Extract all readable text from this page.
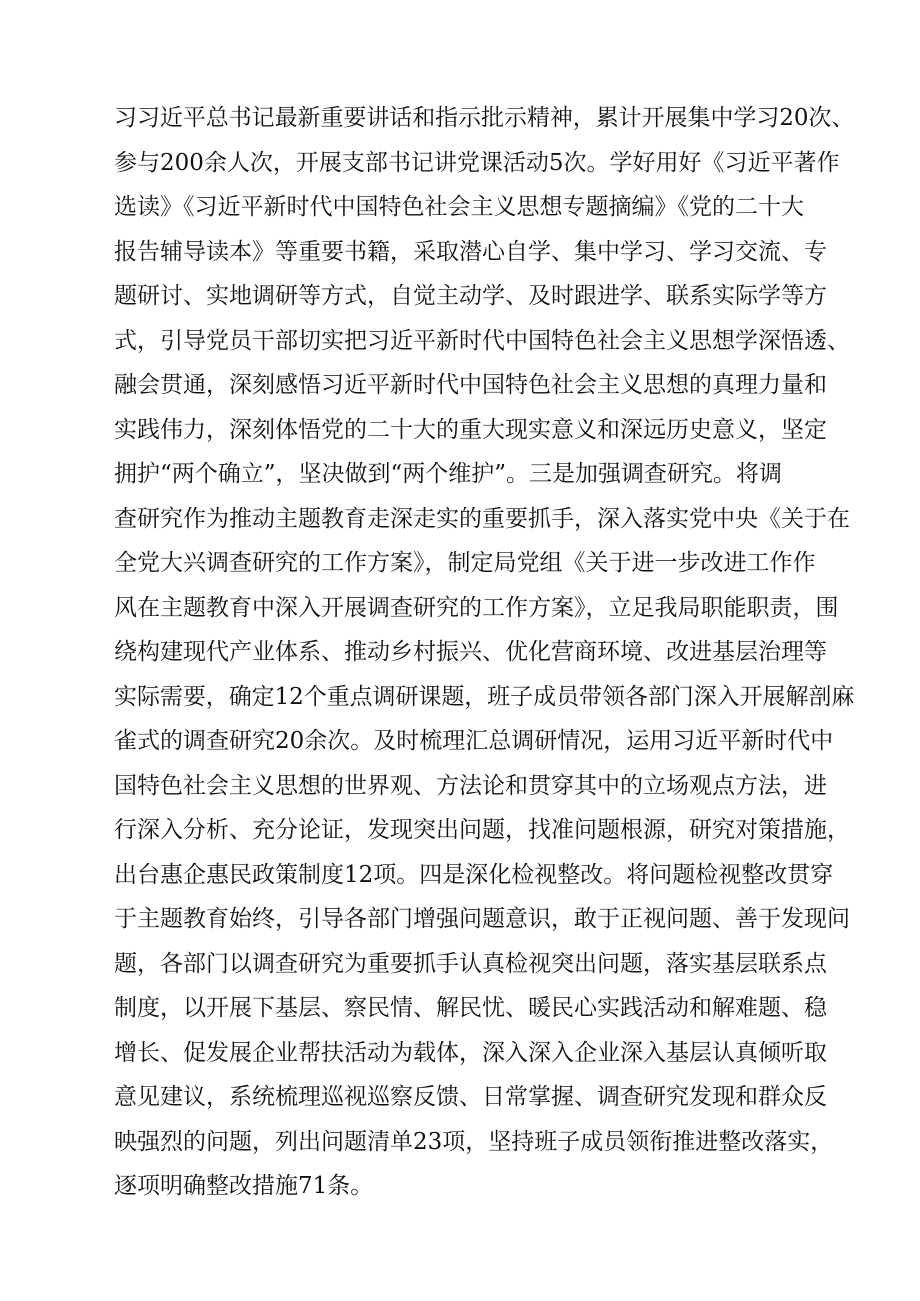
习习近平总书记最新重要讲话和指示批示精神，累计开展集中学习20次、
参与200余人次，开展支部书记讲党课活动5次。学好用好《习近平著作
选读》《习近平新时代中国特色社会主义思想专题摘编》《党的二十大
报告辅导读本》等重要书籍，采取潜心自学、集中学习、学习交流、专
题研讨、实地调研等方式，自觉主动学、及时跟进学、联系实际学等方
式，引导党员干部切实把习近平新时代中国特色社会主义思想学深悟透、
融会贯通，深刻感悟习近平新时代中国特色社会主义思想的真理力量和
实践伟力，深刻体悟党的二十大的重大现实意义和深远历史意义，坚定
拥护“两个确立”，坚决做到“两个维护”。三是加强调查研究。将调
查研究作为推动主题教育走深走实的重要抓手，深入落实党中央《关于在
全党大兴调查研究的工作方案》，制定局党组《关于进一步改进工作作
风在主题教育中深入开展调查研究的工作方案》，立足我局职能职责，围
绕构建现代产业体系、推动乡村振兴、优化营商环境、改进基层治理等
实际需要，确定12个重点调研课题，班子成员带领各部门深入开展解剖麻
雀式的调查研究20余次。及时梳理汇总调研情况，运用习近平新时代中
国特色社会主义思想的世界观、方法论和贯穿其中的立场观点方法，进
行深入分析、充分论证，发现突出问题，找准问题根源，研究对策措施，
出台惠企惠民政策制度12项。四是深化检视整改。将问题检视整改贯穿
于主题教育始终，引导各部门增强问题意识，敢于正视问题、善于发现问
题，各部门以调查研究为重要抓手认真检视突出问题，落实基层联系点
制度，以开展下基层、察民情、解民忧、暖民心实践活动和解难题、稳
增长、促发展企业帮扶活动为载体，深入深入企业深入基层认真倾听取
意见建议，系统梳理巡视巡察反馈、日常掌握、调查研究发现和群众反
映强烈的问题，列出问题清单23项，坚持班子成员领衔推进整改落实，
逐项明确整改措施71条。
